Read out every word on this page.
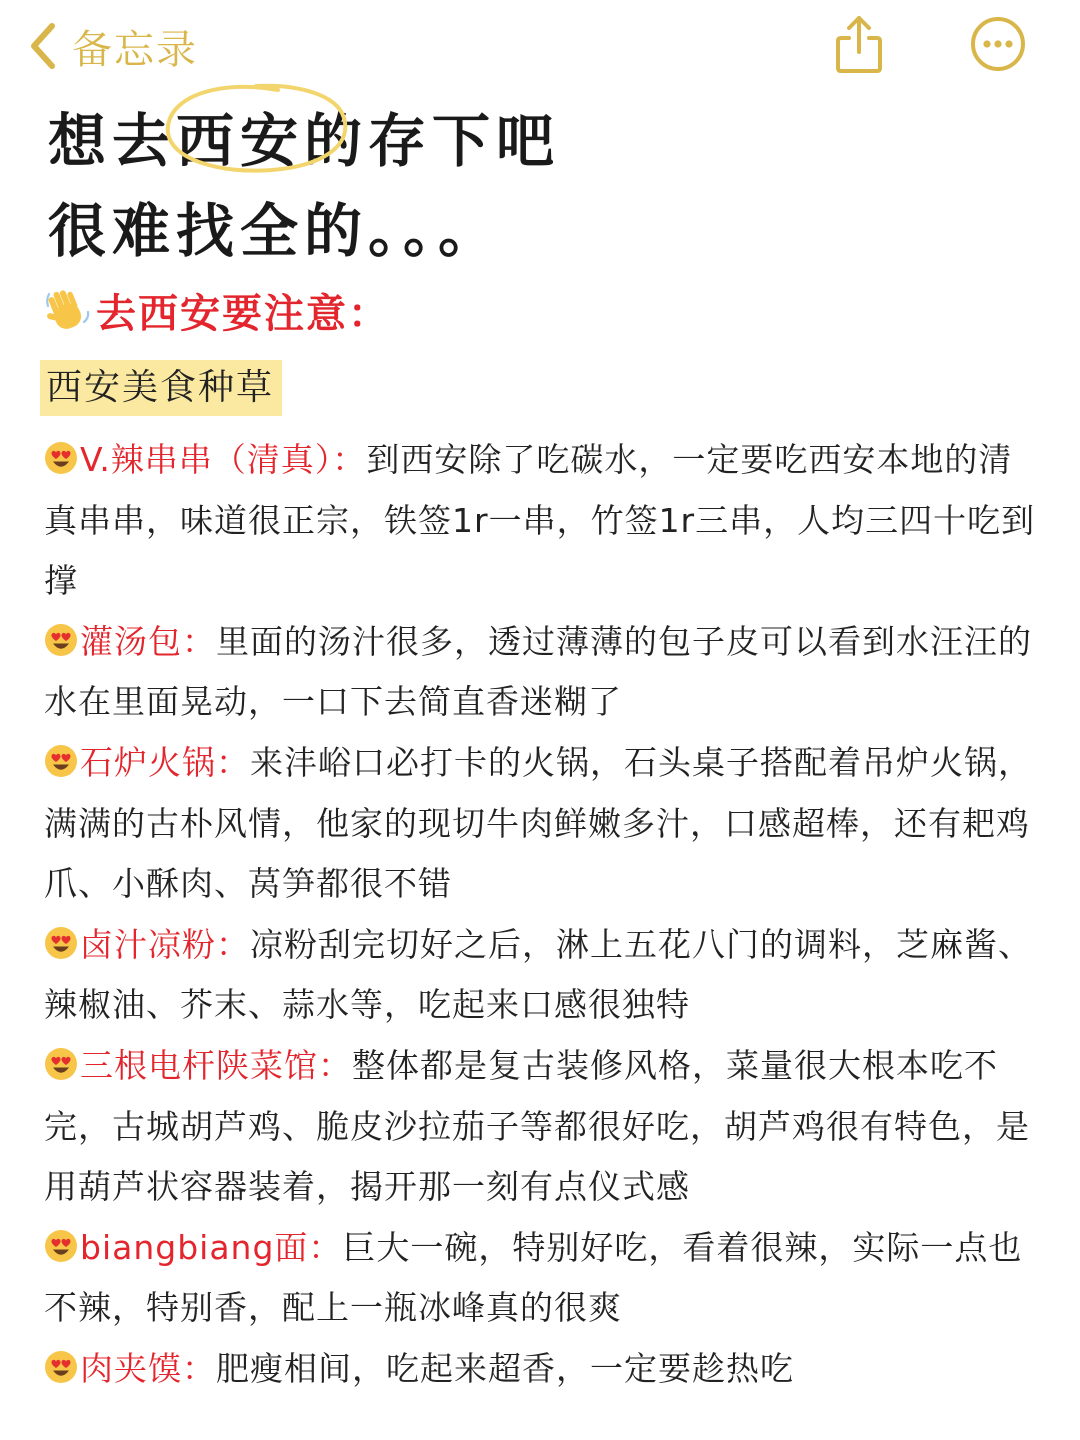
备忘录
想去西安的存下吧
很难找全的。。。
去西安要注意：
西安美食种草

V.辣串串（清真）：到西安除了吃碳水，一定要吃西安本地的清真串串，味道很正宗，铁签1r一串，竹签1r三串，人均三四十吃到撑

灌汤包：里面的汤汁很多，透过薄薄的包子皮可以看到水汪汪的水在里面晃动，一口下去简直香迷糊了

石炉火锅：来沣峪口必打卡的火锅，石头桌子搭配着吊炉火锅，满满的古朴风情，他家的现切牛肉鲜嫩多汁，口感超棒，还有耙鸡爪、小酥肉、莴笋都很不错

卤汁凉粉：凉粉刮完切好之后，淋上五花八门的调料，芝麻酱、辣椒油、芥末、蒜水等，吃起来口感很独特

三根电杆陕菜馆：整体都是复古装修风格，菜量很大根本吃不完，古城胡芦鸡、脆皮沙拉茄子等都很好吃，胡芦鸡很有特色，是用葫芦状容器装着，揭开那一刻有点仪式感

biangbiang面：巨大一碗，特别好吃，看着很辣，实际一点也不辣，特别香，配上一瓶冰峰真的很爽

肉夹馍：肥瘦相间，吃起来超香，一定要趁热吃
